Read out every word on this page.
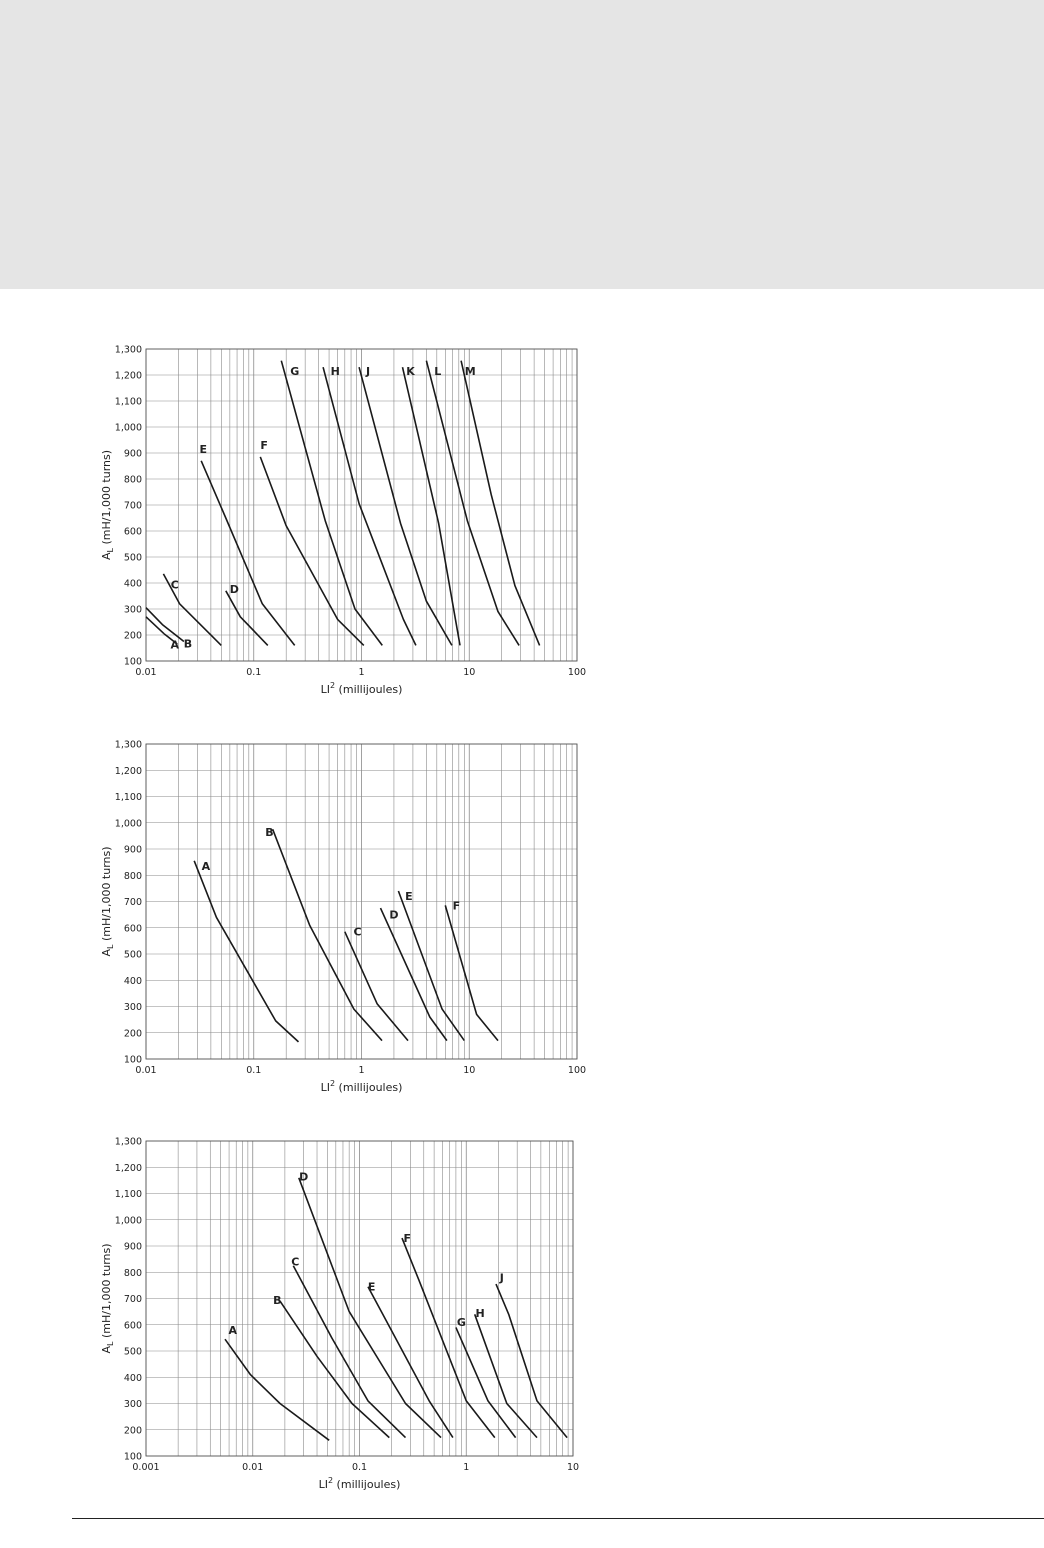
100
200
300
400
500
600
700
800
900
1,000
1,100
1,200
1,300
0.01	0.1	1	10	100
A B
C	D
E	F
G	H J	K L M
$LI^2$ (millijoules)
$A_L$ (mH/1,000 turns)
100
200
300
400
500
600
700
800
900
1,000
1,100
1,200
1,300
0.01	0.1	1	10	100
A
B
C
D
E
F
$LI^2$ (millijoules)
$A_L$ (mH/1,000 turns)
100
200
300
400
500
600
700
800
900
1,000
1,100
1,200
1,300
0.001	0.01	0.1	1	10
A
B
C
D
E
F
G
H
J
$LI^2$ (millijoules)
$A_L$ (mH/1,000 turns)
